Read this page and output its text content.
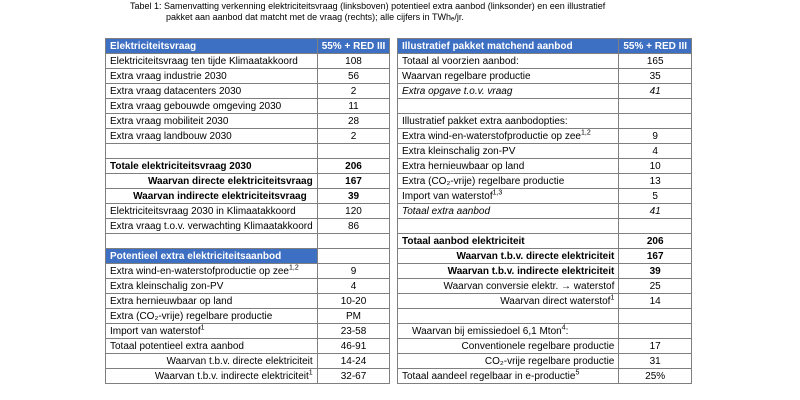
Tabel 1: Samenvatting verkenning elektriciteitsvraag (linksboven) potentieel extra aanbod (linksonder) en een illustratief
pakket aan aanbod dat matcht met de vraag (rechts); alle cijfers in TWhₑ/jr.
Elektriciteitsvraag	55% + RED III
Elektriciteitsvraag ten tijde Klimaatakkoord	108
Extra vraag industrie 2030	56
Extra vraag datacenters 2030	2
Extra vraag gebouwde omgeving 2030	11
Extra vraag mobiliteit 2030	28
Extra vraag landbouw 2030	2

Totale elektriciteitsvraag 2030	206
Waarvan directe elektriciteitsvraag	167
Waarvan indirecte elektriciteitsvraag	39
Elektriciteitsvraag 2030 in Klimaatakkoord	120
Extra vraag t.o.v. verwachting Klimaatakkoord	86

Potentieel extra elektriciteitsaanbod	
Extra wind-en-waterstofproductie op zee$^{1,2}$	9
Extra kleinschalig zon-PV	4
Extra hernieuwbaar op land	10-20
Extra (CO₂-vrije) regelbare productie	PM
Import van waterstof$^1$	23-58
Totaal potentieel extra aanbod	46-91
Waarvan t.b.v. directe elektriciteit	14-24
Waarvan t.b.v. indirecte elektriciteit$^1$	32-67
Illustratief pakket matchend aanbod	55% + RED III
Totaal al voorzien aanbod:	165
Waarvan regelbare productie	35
Extra opgave t.o.v. vraag	41

Illustratief pakket extra aanbodopties:	
Extra wind-en-waterstofproductie op zee$^{1,2}$	9
Extra kleinschalig zon-PV	4
Extra hernieuwbaar op land	10
Extra (CO₂-vrije) regelbare productie	13
Import van waterstof$^{1,3}$	5
Totaal extra aanbod	41

Totaal aanbod elektriciteit	206
Waarvan t.b.v. directe elektriciteit	167
Waarvan t.b.v. indirecte elektriciteit	39
Waarvan conversie elektr. → waterstof	25
Waarvan direct waterstof$^1$	14

Waarvan bij emissiedoel 6,1 Mton$^4$:	
Conventionele regelbare productie	17
CO₂-vrije regelbare productie	31
Totaal aandeel regelbaar in e-productie$^5$	25%
